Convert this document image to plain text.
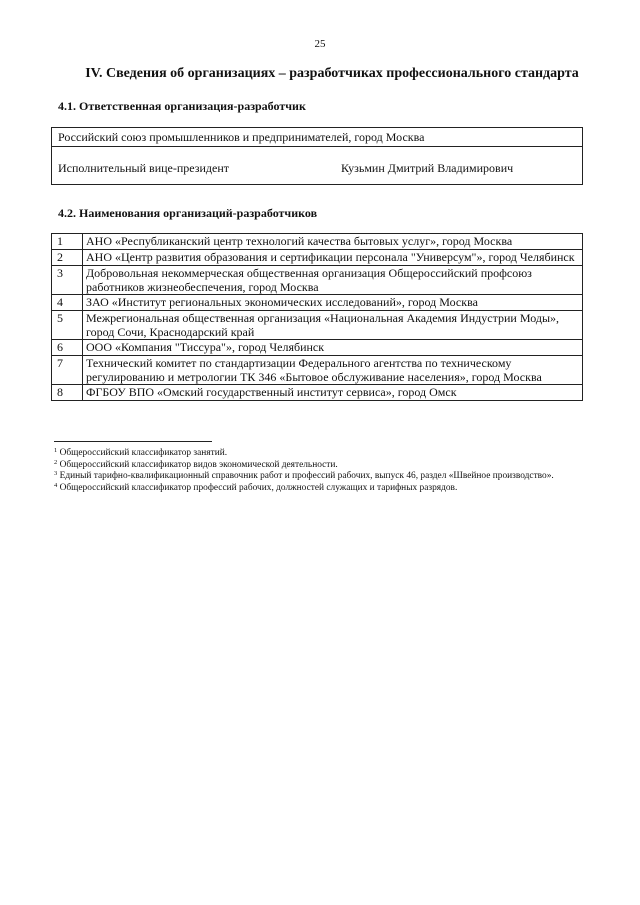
25
IV. Сведения об организациях – разработчиках профессионального стандарта
4.1. Ответственная организация-разработчик
Российский союз промышленников и предпринимателей, город Москва
Исполнительный вице-президент	Кузьмин Дмитрий Владимирович
4.2. Наименования организаций-разработчиков
1	АНО «Республиканский центр технологий качества бытовых услуг», город Москва
2	АНО «Центр развития образования и сертификации персонала "Универсум"», город Челябинск
3	Добровольная некоммерческая общественная организация Общероссийский профсоюз работников жизнеобеспечения, город Москва
4	ЗАО «Институт региональных экономических исследований», город Москва
5	Межрегиональная общественная организация «Национальная Академия Индустрии Моды», город Сочи, Краснодарский край
6	ООО «Компания "Тиссура"», город Челябинск
7	Технический комитет по стандартизации Федерального агентства по техническому регулированию и метрологии ТК 346 «Бытовое обслуживание населения», город Москва
8	ФГБОУ ВПО «Омский государственный институт сервиса», город Омск
$^1$ Общероссийский классификатор занятий.
$^2$ Общероссийский классификатор видов экономической деятельности.
$^3$ Единый тарифно-квалификационный справочник работ и профессий рабочих, выпуск 46, раздел «Швейное производство».
$^4$ Общероссийский классификатор профессий рабочих, должностей служащих и тарифных разрядов.
